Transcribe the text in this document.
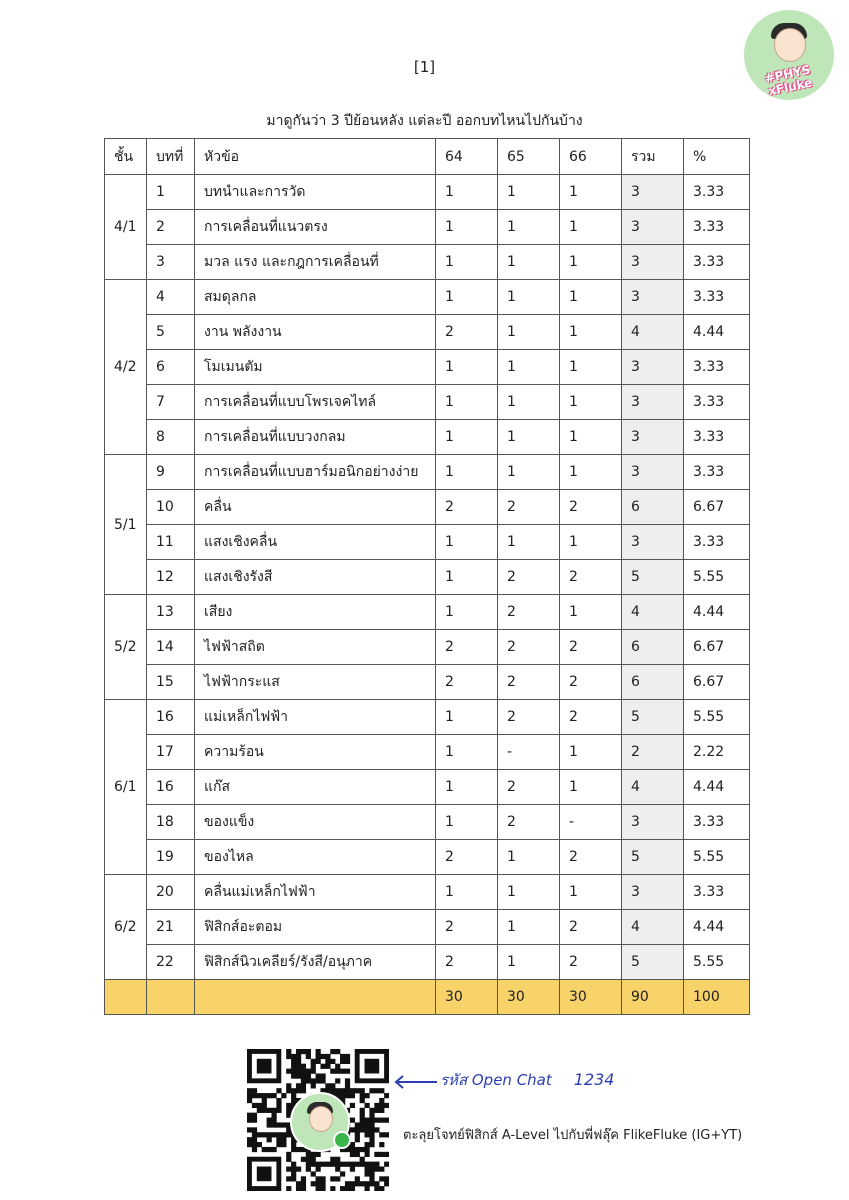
[1]	#PHYS xFluke
มาดูกันว่า 3 ปีย้อนหลัง แต่ละปี ออกบทไหนไปกันบ้าง
ชั้น	บทที่	หัวข้อ	64	65	66	รวม	%
4/1	1	บทนำและการวัด	1	1	1	3	3.33
	2	การเคลื่อนที่แนวตรง	1	1	1	3	3.33
	3	มวล แรง และกฎการเคลื่อนที่	1	1	1	3	3.33
4/2	4	สมดุลกล	1	1	1	3	3.33
	5	งาน พลังงาน	2	1	1	4	4.44
	6	โมเมนตัม	1	1	1	3	3.33
	7	การเคลื่อนที่แบบโพรเจคไทล์	1	1	1	3	3.33
	8	การเคลื่อนที่แบบวงกลม	1	1	1	3	3.33
5/1	9	การเคลื่อนที่แบบฮาร์มอนิกอย่างง่าย	1	1	1	3	3.33
	10	คลื่น	2	2	2	6	6.67
	11	แสงเชิงคลื่น	1	1	1	3	3.33
	12	แสงเชิงรังสี	1	2	2	5	5.55
5/2	13	เสียง	1	2	1	4	4.44
	14	ไฟฟ้าสถิต	2	2	2	6	6.67
	15	ไฟฟ้ากระแส	2	2	2	6	6.67
6/1	16	แม่เหล็กไฟฟ้า	1	2	2	5	5.55
	17	ความร้อน	1	-	1	2	2.22
	16	แก๊ส	1	2	1	4	4.44
	18	ของแข็ง	1	2	-	3	3.33
	19	ของไหล	2	1	2	5	5.55
6/2	20	คลื่นแม่เหล็กไฟฟ้า	1	1	1	3	3.33
	21	ฟิสิกส์อะตอม	2	1	2	4	4.44
	22	ฟิสิกส์นิวเคลียร์/รังสี/อนุภาค	2	1	2	5	5.55
			30	30	30	90	100
รหัส Open Chat 1234
ตะลุยโจทย์ฟิสิกส์ A-Level ไปกับพี่ฟลุ๊ค FlikeFluke (IG+YT)
